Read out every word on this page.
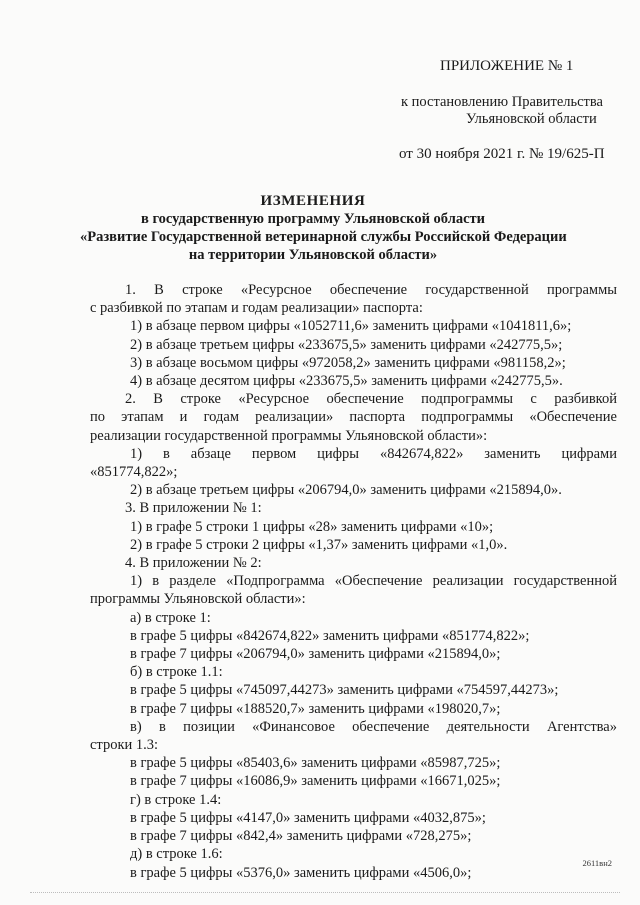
ПРИЛОЖЕНИЕ № 1
к постановлению Правительства
Ульяновской области
от 30 ноября 2021 г. № 19/625-П
ИЗМЕНЕНИЯ
в государственную программу Ульяновской области
«Развитие Государственной ветеринарной службы Российской Федерации
на территории Ульяновской области»

1. В строке «Ресурсное обеспечение государственной программы

с разбивкой по этапам и годам реализации» паспорта:

1) в абзаце первом цифры «1052711,6» заменить цифрами «1041811,6»;

2) в абзаце третьем цифры «233675,5» заменить цифрами «242775,5»;

3) в абзаце восьмом цифры «972058,2» заменить цифрами «981158,2»;

4) в абзаце десятом цифры «233675,5» заменить цифрами «242775,5».

2. В строке «Ресурсное обеспечение подпрограммы с разбивкой

по этапам и годам реализации» паспорта подпрограммы «Обеспечение

реализации государственной программы Ульяновской области»:

1) в абзаце первом цифры «842674,822» заменить цифрами

«851774,822»;

2) в абзаце третьем цифры «206794,0» заменить цифрами «215894,0».

3. В приложении № 1:

1) в графе 5 строки 1 цифры «28» заменить цифрами «10»;

2) в графе 5 строки 2 цифры «1,37» заменить цифрами «1,0».

4. В приложении № 2:

1) в разделе «Подпрограмма «Обеспечение реализации государственной

программы Ульяновской области»:

а) в строке 1:

в графе 5 цифры «842674,822» заменить цифрами «851774,822»;

в графе 7 цифры «206794,0» заменить цифрами «215894,0»;

б) в строке 1.1:

в графе 5 цифры «745097,44273» заменить цифрами «754597,44273»;

в графе 7 цифры «188520,7» заменить цифрами «198020,7»;

в) в позиции «Финансовое обеспечение деятельности Агентства»

строки 1.3:

в графе 5 цифры «85403,6» заменить цифрами «85987,725»;

в графе 7 цифры «16086,9» заменить цифрами «16671,025»;

г) в строке 1.4:

в графе 5 цифры «4147,0» заменить цифрами «4032,875»;

в графе 7 цифры «842,4» заменить цифрами «728,275»;

д) в строке 1.6:

в графе 5 цифры «5376,0» заменить цифрами «4506,0»;

2611вн2
